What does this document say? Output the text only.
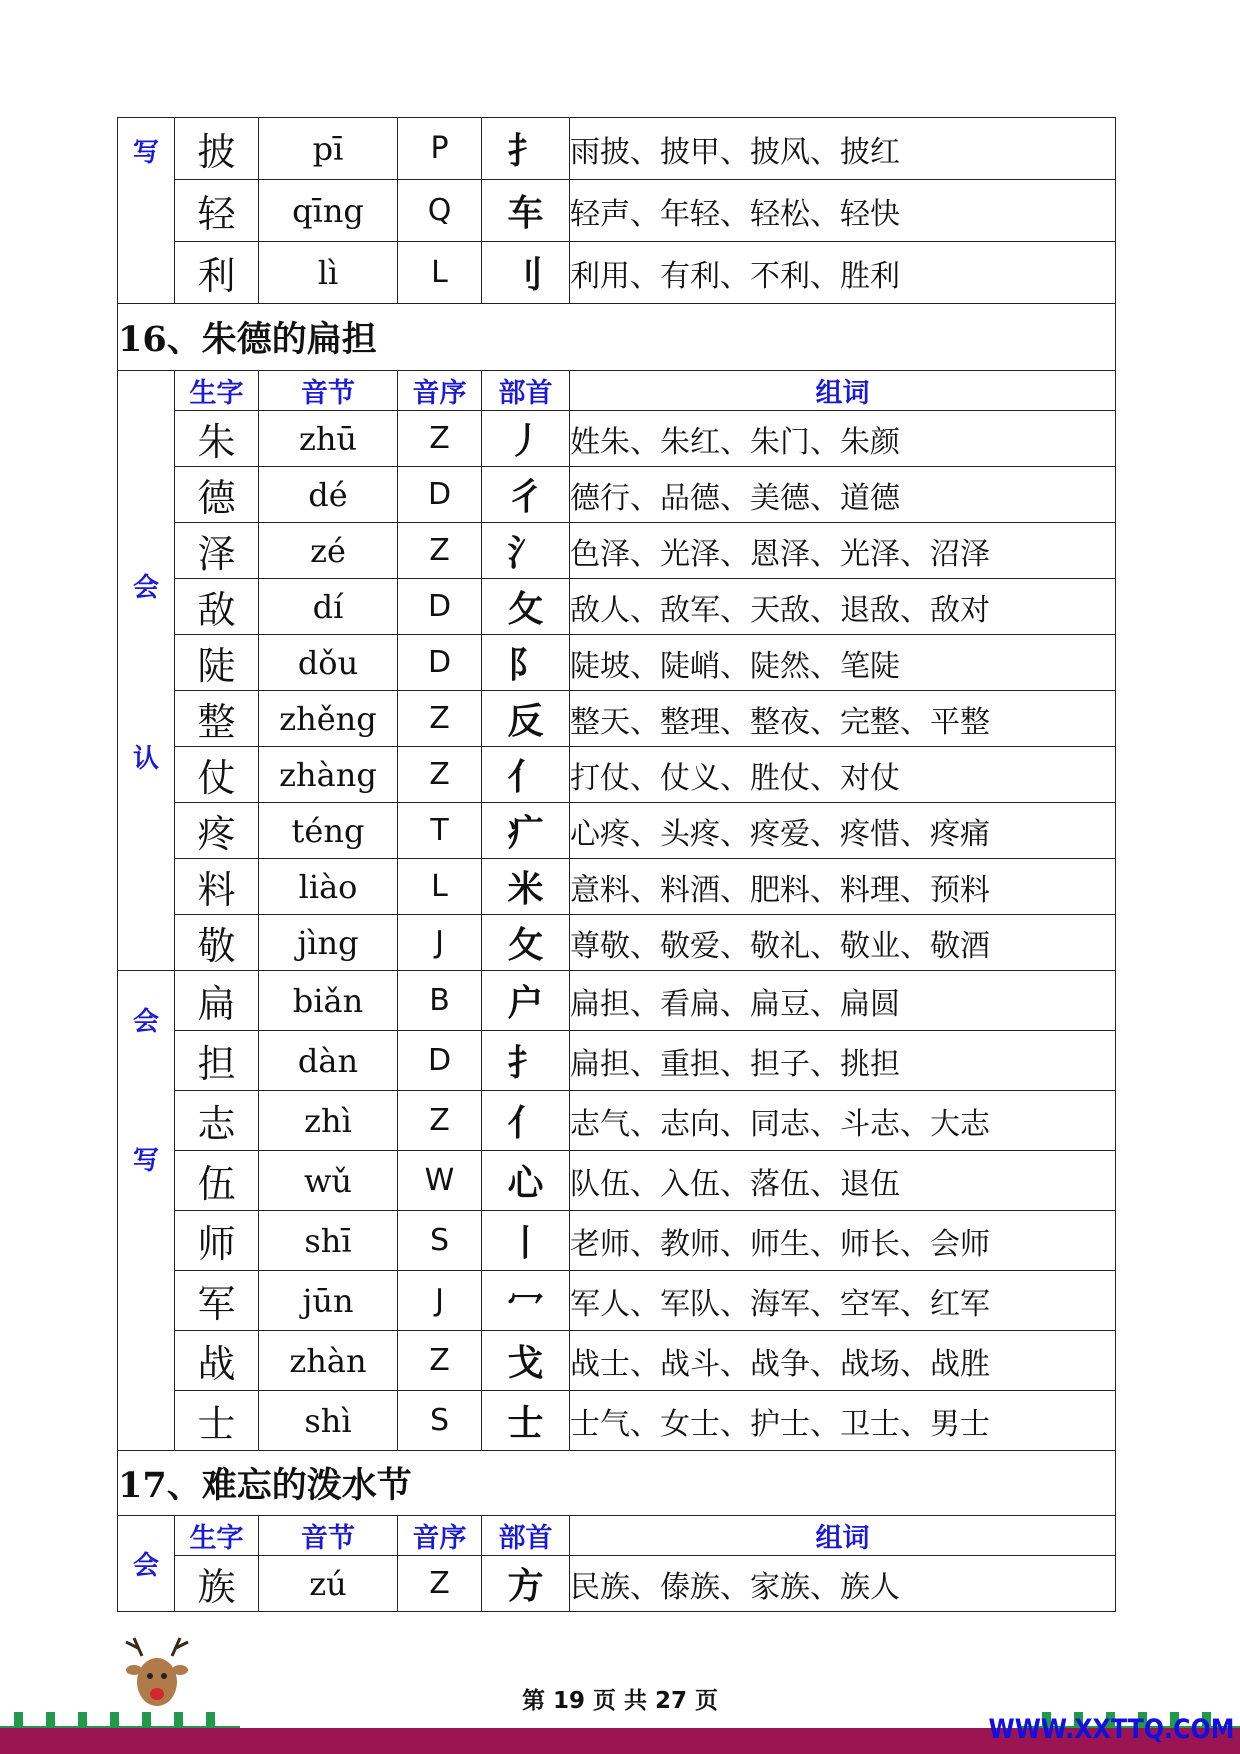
写	披	pī	P	扌	雨披、披甲、披风、披红
	轻	qīng	Q	车	轻声、年轻、轻松、轻快
	利	lì	L	刂	利用、有利、不利、胜利
16、朱德的扁担					

会
认	生字	音节	音序	部首	组词
	朱	zhū	Z	丿	姓朱、朱红、朱门、朱颜
	德	dé	D	彳	德行、品德、美德、道德
	泽	zé	Z	氵	色泽、光泽、恩泽、光泽、沼泽
	敌	dí	D	攵	敌人、敌军、天敌、退敌、敌对
	陡	dǒu	D	阝	陡坡、陡峭、陡然、笔陡
	整	zhěng	Z	反	整天、整理、整夜、完整、平整
	仗	zhàng	Z	亻	打仗、仗义、胜仗、对仗
	疼	téng	T	疒	心疼、头疼、疼爱、疼惜、疼痛
	料	liào	L	米	意料、料酒、肥料、料理、预料
	敬	jìng	J	攵	尊敬、敬爱、敬礼、敬业、敬酒

会
写	扁	biǎn	B	户	扁担、看扁、扁豆、扁圆
	担	dàn	D	扌	扁担、重担、担子、挑担
	志	zhì	Z	亻	志气、志向、同志、斗志、大志
	伍	wǔ	W	心	队伍、入伍、落伍、退伍
	师	shī	S	丨	老师、教师、师生、师长、会师
	军	jūn	J	冖	军人、军队、海军、空军、红军
	战	zhàn	Z	戈	战士、战斗、战争、战场、战胜
	士	shì	S	士	士气、女士、护士、卫士、男士
17、难忘的泼水节					

会	生字	音节	音序	部首	组词
	族	zú	Z	方	民族、傣族、家族、族人
第 19 页 共 27 页
WWW.XXTTQ.COM
